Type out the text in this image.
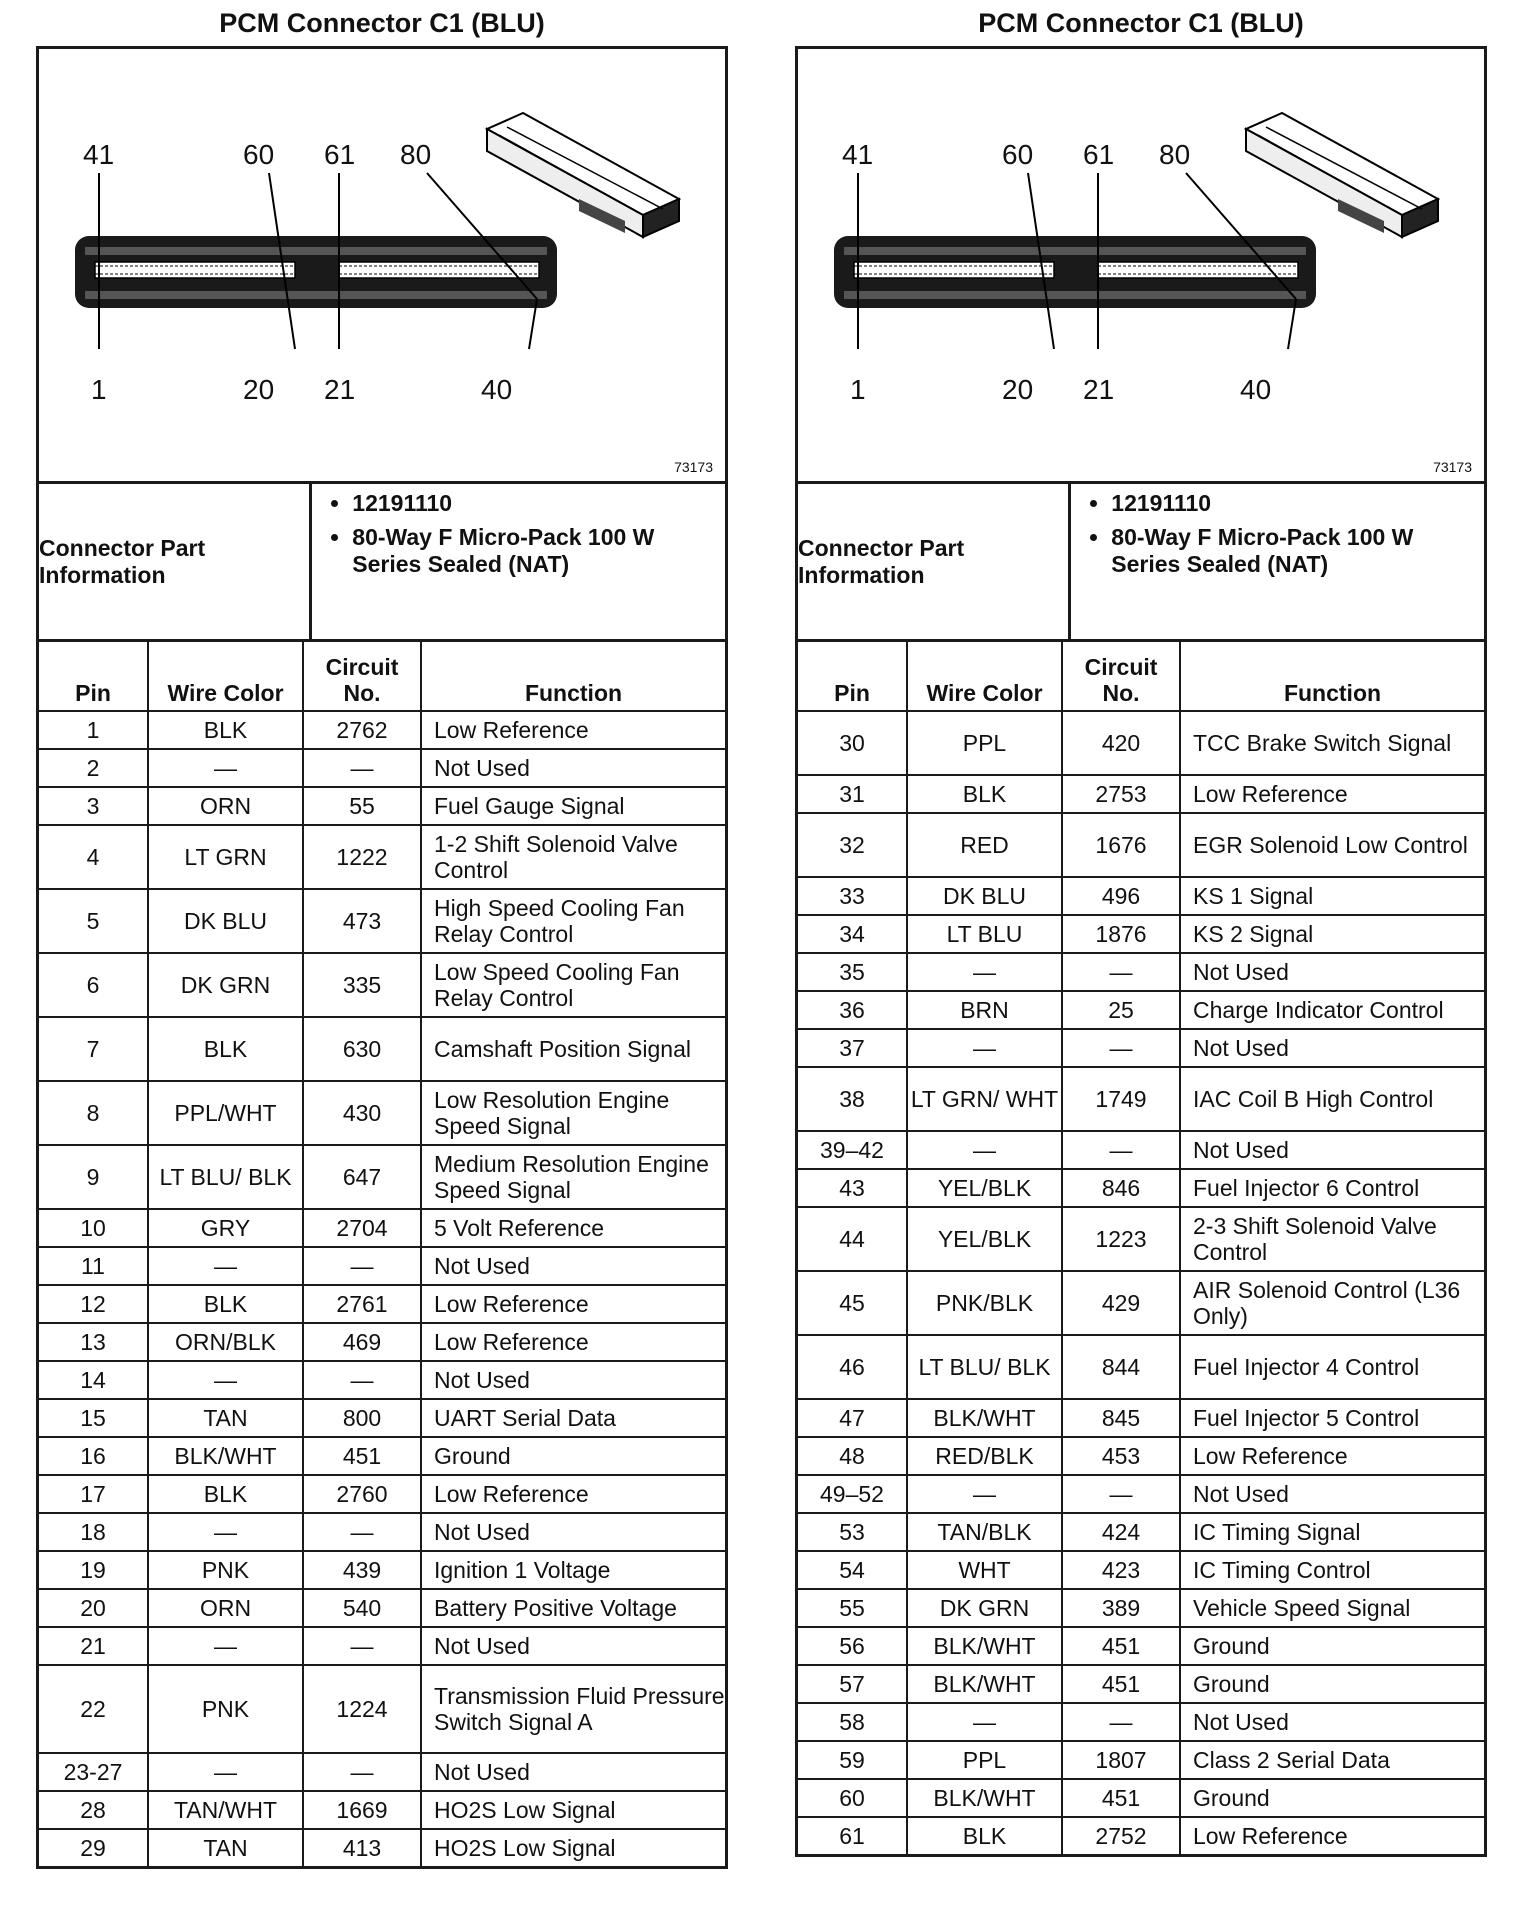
PCM Connector C1 (BLU)
41	60 61 80
1	20 21	40
73173
Connector Part Information
• 12191110
• 80-Way F Micro-Pack 100 W Series Sealed (NAT)
Pin	Wire Color	Circuit No.	Function
1	BLK	2762	Low Reference
2	—	—	Not Used
3	ORN	55	Fuel Gauge Signal
4	LT GRN	1222	1-2 Shift Solenoid Valve Control
5	DK BLU	473	High Speed Cooling Fan Relay Control
6	DK GRN	335	Low Speed Cooling Fan Relay Control
7	BLK	630	Camshaft Position Signal
8	PPL/WHT	430	Low Resolution Engine Speed Signal
9	LT BLU/ BLK	647	Medium Resolution Engine Speed Signal
10	GRY	2704	5 Volt Reference
11	—	—	Not Used
12	BLK	2761	Low Reference
13	ORN/BLK	469	Low Reference
14	—	—	Not Used
15	TAN	800	UART Serial Data
16	BLK/WHT	451	Ground
17	BLK	2760	Low Reference
18	—	—	Not Used
19	PNK	439	Ignition 1 Voltage
20	ORN	540	Battery Positive Voltage
21	—	—	Not Used
22	PNK	1224	Transmission Fluid Pressure Switch Signal A
23-27	—	—	Not Used
28	TAN/WHT	1669	HO2S Low Signal
29	TAN	413	HO2S Low Signal
PCM Connector C1 (BLU)
41	60 61 80
1	20 21	40
73173
Connector Part Information
• 12191110
• 80-Way F Micro-Pack 100 W Series Sealed (NAT)
Pin	Wire Color	Circuit No.	Function
30	PPL	420	TCC Brake Switch Signal
31	BLK	2753	Low Reference
32	RED	1676	EGR Solenoid Low Control
33	DK BLU	496	KS 1 Signal
34	LT BLU	1876	KS 2 Signal
35	—	—	Not Used
36	BRN	25	Charge Indicator Control
37	—	—	Not Used
38	LT GRN/ WHT	1749	IAC Coil B High Control
39–42	—	—	Not Used
43	YEL/BLK	846	Fuel Injector 6 Control
44	YEL/BLK	1223	2-3 Shift Solenoid Valve Control
45	PNK/BLK	429	AIR Solenoid Control (L36 Only)
46	LT BLU/ BLK	844	Fuel Injector 4 Control
47	BLK/WHT	845	Fuel Injector 5 Control
48	RED/BLK	453	Low Reference
49–52	—	—	Not Used
53	TAN/BLK	424	IC Timing Signal
54	WHT	423	IC Timing Control
55	DK GRN	389	Vehicle Speed Signal
56	BLK/WHT	451	Ground
57	BLK/WHT	451	Ground
58	—	—	Not Used
59	PPL	1807	Class 2 Serial Data
60	BLK/WHT	451	Ground
61	BLK	2752	Low Reference
